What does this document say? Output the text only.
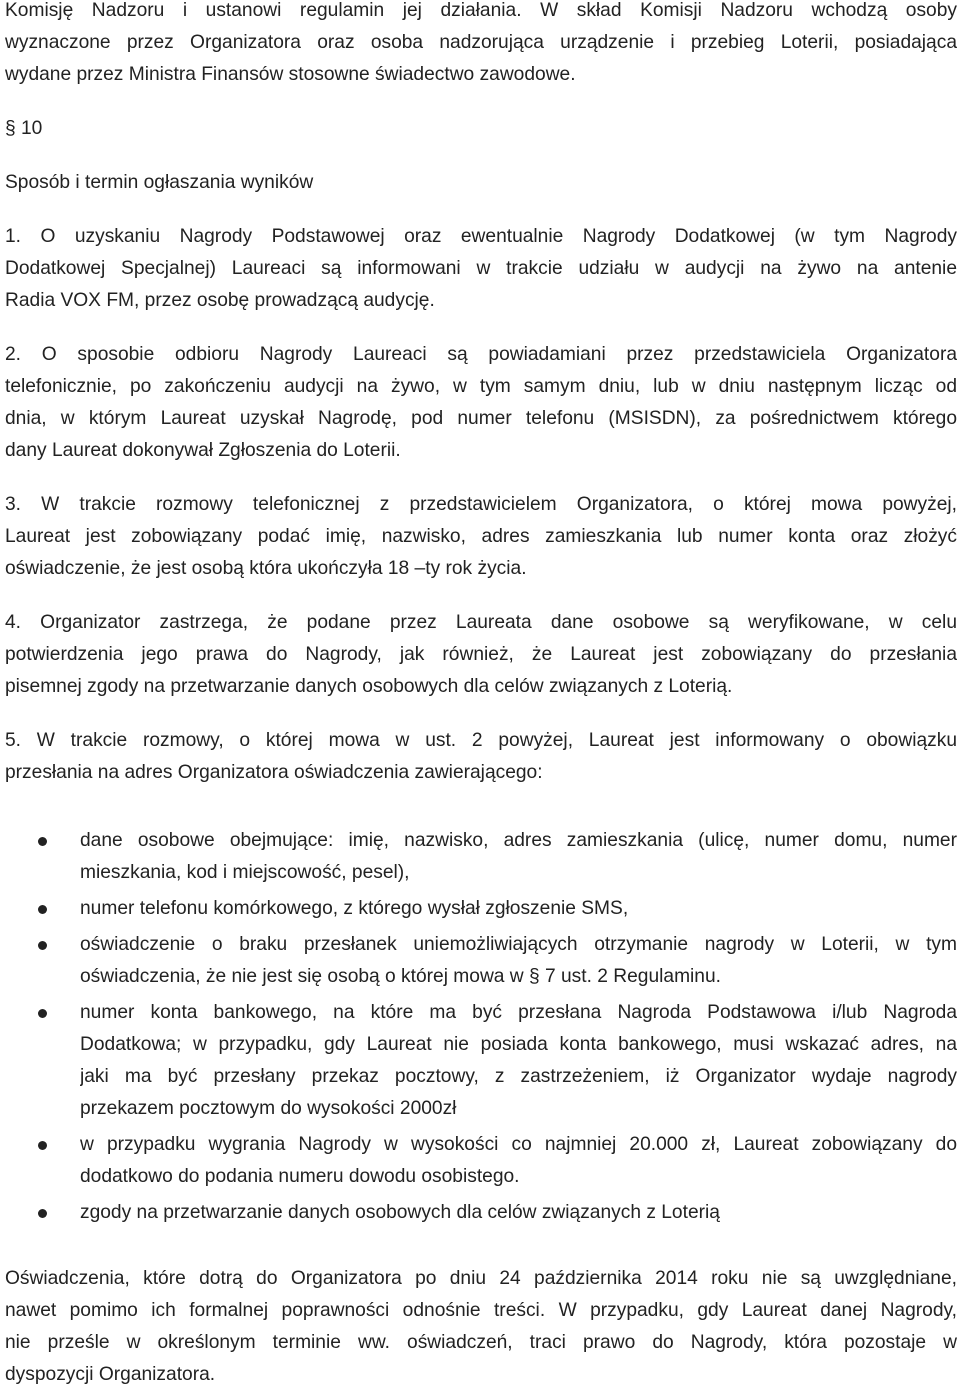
Komisję Nadzoru i ustanowi regulamin jej działania. W skład Komisji Nadzoru wchodzą osoby
wyznaczone przez Organizatora oraz osoba nadzorująca urządzenie i przebieg Loterii, posiadająca
wydane przez Ministra Finansów stosowne świadectwo zawodowe.
§ 10
Sposób i termin ogłaszania wyników
1. O uzyskaniu Nagrody Podstawowej oraz ewentualnie Nagrody Dodatkowej (w tym Nagrody
Dodatkowej Specjalnej) Laureaci są informowani w trakcie udziału w audycji na żywo na antenie
Radia VOX FM, przez osobę prowadzącą audycję.
2. O sposobie odbioru Nagrody Laureaci są powiadamiani przez przedstawiciela Organizatora
telefonicznie, po zakończeniu audycji na żywo, w tym samym dniu, lub w dniu następnym licząc od
dnia, w którym Laureat uzyskał Nagrodę, pod numer telefonu (MSISDN), za pośrednictwem którego
dany Laureat dokonywał Zgłoszenia do Loterii.
3. W trakcie rozmowy telefonicznej z przedstawicielem Organizatora, o której mowa powyżej,
Laureat jest zobowiązany podać imię, nazwisko, adres zamieszkania lub numer konta oraz złożyć
oświadczenie, że jest osobą która ukończyła 18 –ty rok życia.
4. Organizator zastrzega, że podane przez Laureata dane osobowe są weryfikowane, w celu
potwierdzenia jego prawa do Nagrody, jak również, że Laureat jest zobowiązany do przesłania
pisemnej zgody na przetwarzanie danych osobowych dla celów związanych z Loterią.
5. W trakcie rozmowy, o której mowa w ust. 2 powyżej, Laureat jest informowany o obowiązku
przesłania na adres Organizatora oświadczenia zawierającego:
dane osobowe obejmujące: imię, nazwisko, adres zamieszkania (ulicę, numer domu, numer
mieszkania, kod i miejscowość, pesel),
numer telefonu komórkowego, z którego wysłał zgłoszenie SMS,
oświadczenie o braku przesłanek uniemożliwiających otrzymanie nagrody w Loterii, w tym
oświadczenia, że nie jest się osobą o której mowa w § 7 ust. 2 Regulaminu.
numer konta bankowego, na które ma być przesłana Nagroda Podstawowa i/lub Nagroda
Dodatkowa; w przypadku, gdy Laureat nie posiada konta bankowego, musi wskazać adres, na
jaki ma być przesłany przekaz pocztowy, z zastrzeżeniem, iż Organizator wydaje nagrody
przekazem pocztowym do wysokości 2000zł
w przypadku wygrania Nagrody w wysokości co najmniej 20.000 zł, Laureat zobowiązany do
dodatkowo do podania numeru dowodu osobistego.
zgody na przetwarzanie danych osobowych dla celów związanych z Loterią
Oświadczenia, które dotrą do Organizatora po dniu 24 października 2014 roku nie są uwzględniane,
nawet pomimo ich formalnej poprawności odnośnie treści. W przypadku, gdy Laureat danej Nagrody,
nie prześle w określonym terminie ww. oświadczeń, traci prawo do Nagrody, która pozostaje w
dyspozycji Organizatora.
